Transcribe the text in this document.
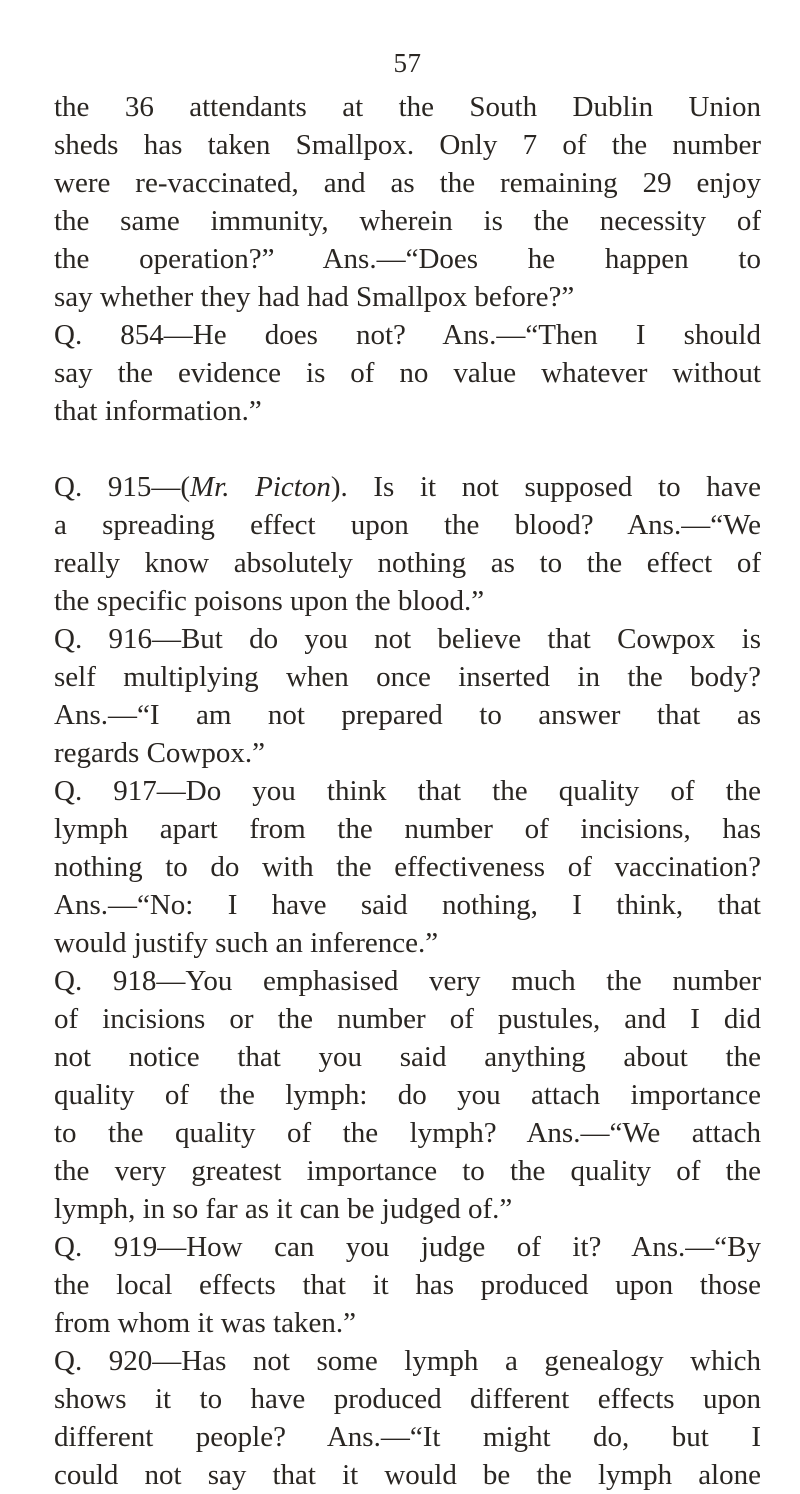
57
the 36 attendants at the South Dublin Union
sheds has taken Smallpox. Only 7 of the number
were re-vaccinated, and as the remaining 29 enjoy
the same immunity, wherein is the necessity of
the operation?” Ans.—“Does he happen to
say whether they had had Smallpox before?”
Q. 854—He does not? Ans.—“Then I should
say the evidence is of no value whatever without
that information.”
Q. 915—(Mr. Picton). Is it not supposed to have
a spreading effect upon the blood? Ans.—“We
really know absolutely nothing as to the effect of
the specific poisons upon the blood.”
Q. 916—But do you not believe that Cowpox is
self multiplying when once inserted in the body?
Ans.—“I am not prepared to answer that as
regards Cowpox.”
Q. 917—Do you think that the quality of the
lymph apart from the number of incisions, has
nothing to do with the effectiveness of vaccination?
Ans.—“No: I have said nothing, I think, that
would justify such an inference.”
Q. 918—You emphasised very much the number
of incisions or the number of pustules, and I did
not notice that you said anything about the
quality of the lymph: do you attach importance
to the quality of the lymph? Ans.—“We attach
the very greatest importance to the quality of the
lymph, in so far as it can be judged of.”
Q. 919—How can you judge of it? Ans.—“By
the local effects that it has produced upon those
from whom it was taken.”
Q. 920—Has not some lymph a genealogy which
shows it to have produced different effects upon
different people? Ans.—“It might do, but I
could not say that it would be the lymph alone
